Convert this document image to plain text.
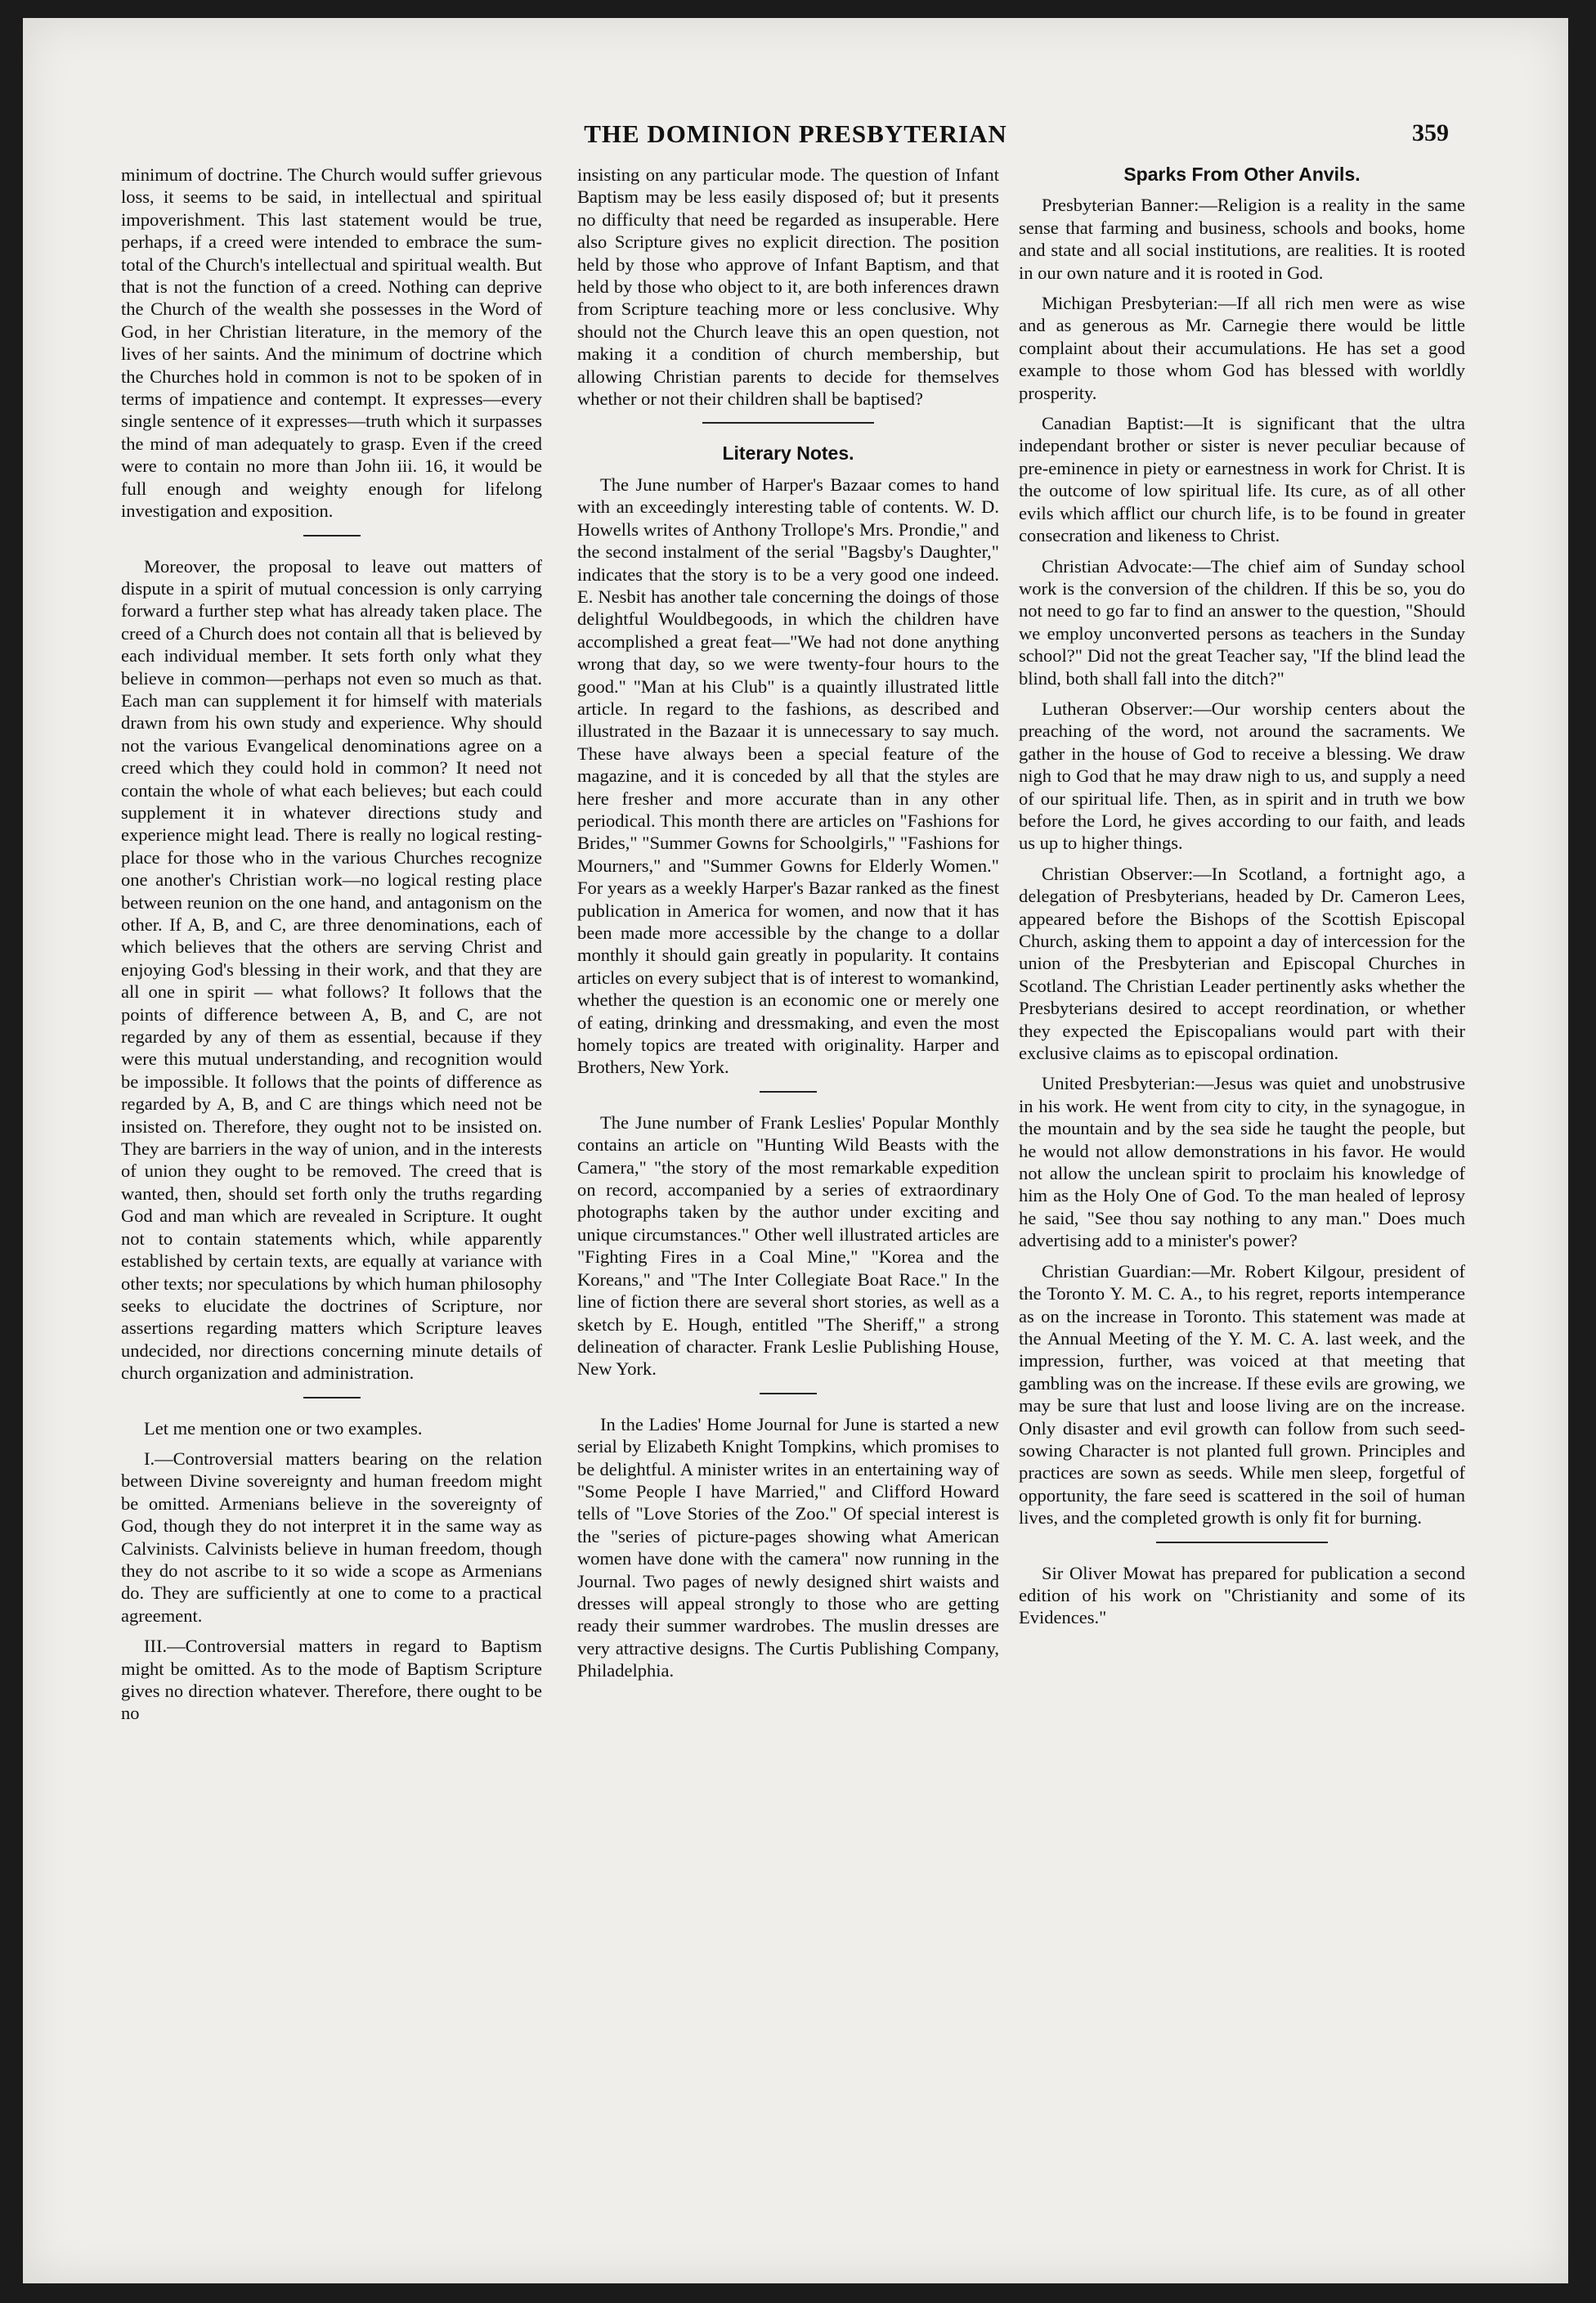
THE DOMINION PRESBYTERIAN	359

minimum of doctrine. The Church would suffer grievous loss, it seems to be said, in intellectual and spiritual impoverishment. This last statement would be true, perhaps, if a creed were intended to embrace the sum-total of the Church's intellectual and spiritual wealth. But that is not the function of a creed. Nothing can deprive the Church of the wealth she possesses in the Word of God, in her Christian literature, in the memory of the lives of her saints. And the minimum of doctrine which the Churches hold in common is not to be spoken of in terms of impatience and contempt. It expresses—every single sentence of it expresses—truth which it surpasses the mind of man adequately to grasp. Even if the creed were to contain no more than John iii. 16, it would be full enough and weighty enough for lifelong investigation and exposition.

Moreover, the proposal to leave out matters of dispute in a spirit of mutual concession is only carrying forward a further step what has already taken place. The creed of a Church does not contain all that is believed by each individual member. It sets forth only what they believe in common—perhaps not even so much as that. Each man can supplement it for himself with materials drawn from his own study and experience. Why should not the various Evangelical denominations agree on a creed which they could hold in common? It need not contain the whole of what each believes; but each could supplement it in whatever directions study and experience might lead. There is really no logical resting-place for those who in the various Churches recognize one another's Christian work—no logical resting place between reunion on the one hand, and antagonism on the other. If A, B, and C, are three denominations, each of which believes that the others are serving Christ and enjoying God's blessing in their work, and that they are all one in spirit — what follows? It follows that the points of difference between A, B, and C, are not regarded by any of them as essential, because if they were this mutual understanding, and recognition would be impossible. It follows that the points of difference as regarded by A, B, and C are things which need not be insisted on. Therefore, they ought not to be insisted on. They are barriers in the way of union, and in the interests of union they ought to be removed. The creed that is wanted, then, should set forth only the truths regarding God and man which are revealed in Scripture. It ought not to contain statements which, while apparently established by certain texts, are equally at variance with other texts; nor speculations by which human philosophy seeks to elucidate the doctrines of Scripture, nor assertions regarding matters which Scripture leaves undecided, nor directions concerning minute details of church organization and administration.

Let me mention one or two examples.

I.—Controversial matters bearing on the relation between Divine sovereignty and human freedom might be omitted. Armenians believe in the sovereignty of God, though they do not interpret it in the same way as Calvinists. Calvinists believe in human freedom, though they do not ascribe to it so wide a scope as Armenians do. They are sufficiently at one to come to a practical agreement.

III.—Controversial matters in regard to Baptism might be omitted. As to the mode of Baptism Scripture gives no direction whatever. Therefore, there ought to be no

insisting on any particular mode. The question of Infant Baptism may be less easily disposed of; but it presents no difficulty that need be regarded as insuperable. Here also Scripture gives no explicit direction. The position held by those who approve of Infant Baptism, and that held by those who object to it, are both inferences drawn from Scripture teaching more or less conclusive. Why should not the Church leave this an open question, not making it a condition of church membership, but allowing Christian parents to decide for themselves whether or not their children shall be baptised?

Literary Notes.

The June number of Harper's Bazaar comes to hand with an exceedingly interesting table of contents. W. D. Howells writes of Anthony Trollope's Mrs. Prondie," and the second instalment of the serial "Bagsby's Daughter," indicates that the story is to be a very good one indeed. E. Nesbit has another tale concerning the doings of those delightful Wouldbegoods, in which the children have accomplished a great feat—"We had not done anything wrong that day, so we were twenty-four hours to the good." "Man at his Club" is a quaintly illustrated little article. In regard to the fashions, as described and illustrated in the Bazaar it is unnecessary to say much. These have always been a special feature of the magazine, and it is conceded by all that the styles are here fresher and more accurate than in any other periodical. This month there are articles on "Fashions for Brides," "Summer Gowns for Schoolgirls," "Fashions for Mourners," and "Summer Gowns for Elderly Women." For years as a weekly Harper's Bazar ranked as the finest publication in America for women, and now that it has been made more accessible by the change to a dollar monthly it should gain greatly in popularity. It contains articles on every subject that is of interest to womankind, whether the question is an economic one or merely one of eating, drinking and dressmaking, and even the most homely topics are treated with originality. Harper and Brothers, New York.

The June number of Frank Leslies' Popular Monthly contains an article on "Hunting Wild Beasts with the Camera," "the story of the most remarkable expedition on record, accompanied by a series of extraordinary photographs taken by the author under exciting and unique circumstances." Other well illustrated articles are "Fighting Fires in a Coal Mine," "Korea and the Koreans," and "The Inter Collegiate Boat Race." In the line of fiction there are several short stories, as well as a sketch by E. Hough, entitled "The Sheriff," a strong delineation of character. Frank Leslie Publishing House, New York.

In the Ladies' Home Journal for June is started a new serial by Elizabeth Knight Tompkins, which promises to be delightful. A minister writes in an entertaining way of "Some People I have Married," and Clifford Howard tells of "Love Stories of the Zoo." Of special interest is the "series of picture-pages showing what American women have done with the camera" now running in the Journal. Two pages of newly designed shirt waists and dresses will appeal strongly to those who are getting ready their summer wardrobes. The muslin dresses are very attractive designs. The Curtis Publishing Company, Philadelphia.

Sparks From Other Anvils.

Presbyterian Banner:—Religion is a reality in the same sense that farming and business, schools and books, home and state and all social institutions, are realities. It is rooted in our own nature and it is rooted in God.

Michigan Presbyterian:—If all rich men were as wise and as generous as Mr. Carnegie there would be little complaint about their accumulations. He has set a good example to those whom God has blessed with worldly prosperity.

Canadian Baptist:—It is significant that the ultra independant brother or sister is never peculiar because of pre-eminence in piety or earnestness in work for Christ. It is the outcome of low spiritual life. Its cure, as of all other evils which afflict our church life, is to be found in greater consecration and likeness to Christ.

Christian Advocate:—The chief aim of Sunday school work is the conversion of the children. If this be so, you do not need to go far to find an answer to the question, "Should we employ unconverted persons as teachers in the Sunday school?" Did not the great Teacher say, "If the blind lead the blind, both shall fall into the ditch?"

Lutheran Observer:—Our worship centers about the preaching of the word, not around the sacraments. We gather in the house of God to receive a blessing. We draw nigh to God that he may draw nigh to us, and supply a need of our spiritual life. Then, as in spirit and in truth we bow before the Lord, he gives according to our faith, and leads us up to higher things.

Christian Observer:—In Scotland, a fortnight ago, a delegation of Presbyterians, headed by Dr. Cameron Lees, appeared before the Bishops of the Scottish Episcopal Church, asking them to appoint a day of intercession for the union of the Presbyterian and Episcopal Churches in Scotland. The Christian Leader pertinently asks whether the Presbyterians desired to accept reordination, or whether they expected the Episcopalians would part with their exclusive claims as to episcopal ordination.

United Presbyterian:—Jesus was quiet and unobstrusive in his work. He went from city to city, in the synagogue, in the mountain and by the sea side he taught the people, but he would not allow demonstrations in his favor. He would not allow the unclean spirit to proclaim his knowledge of him as the Holy One of God. To the man healed of leprosy he said, "See thou say nothing to any man." Does much advertising add to a minister's power?

Christian Guardian:—Mr. Robert Kilgour, president of the Toronto Y. M. C. A., to his regret, reports intemperance as on the increase in Toronto. This statement was made at the Annual Meeting of the Y. M. C. A. last week, and the impression, further, was voiced at that meeting that gambling was on the increase. If these evils are growing, we may be sure that lust and loose living are on the increase. Only disaster and evil growth can follow from such seed-sowing Character is not planted full grown. Principles and practices are sown as seeds. While men sleep, forgetful of opportunity, the fare seed is scattered in the soil of human lives, and the completed growth is only fit for burning.

Sir Oliver Mowat has prepared for publication a second edition of his work on "Christianity and some of its Evidences."
